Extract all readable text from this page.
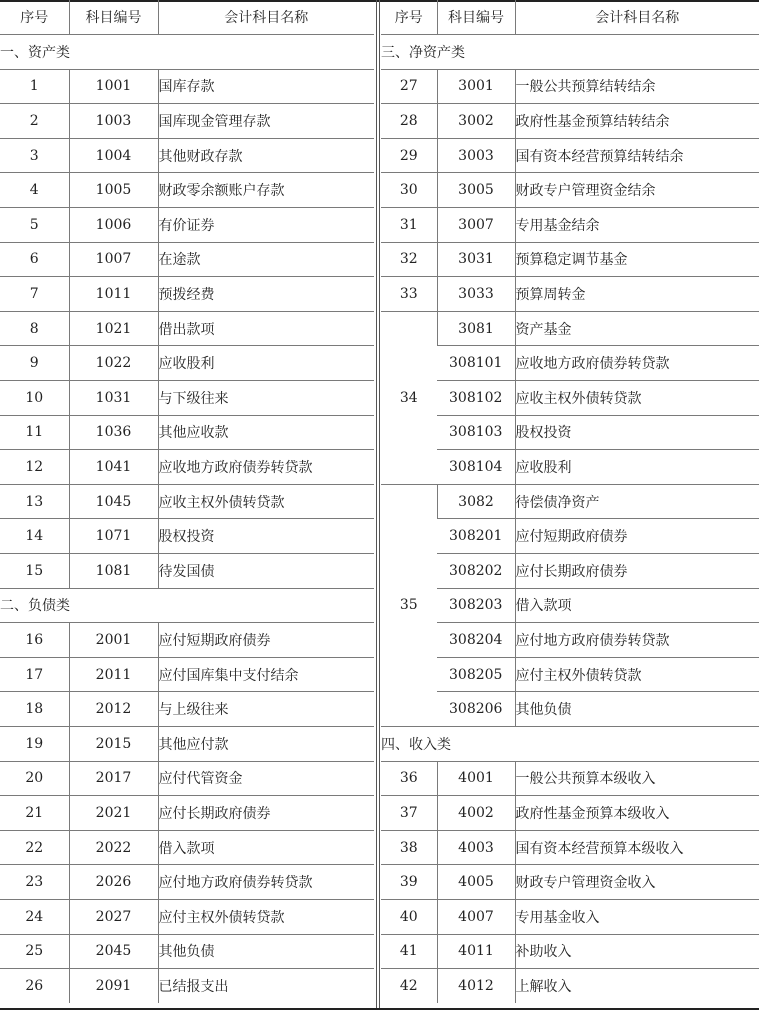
序号	科目编号	会计科目名称
一、资产类		
1	1001	国库存款
2	1003	国库现金管理存款
3	1004	其他财政存款
4	1005	财政零余额账户存款
5	1006	有价证券
6	1007	在途款
7	1011	预拨经费
8	1021	借出款项
9	1022	应收股利
10	1031	与下级往来
11	1036	其他应收款
12	1041	应收地方政府债券转贷款
13	1045	应收主权外债转贷款
14	1071	股权投资
15	1081	待发国债
二、负债类		
16	2001	应付短期政府债券
17	2011	应付国库集中支付结余
18	2012	与上级往来
19	2015	其他应付款
20	2017	应付代管资金
21	2021	应付长期政府债券
22	2022	借入款项
23	2026	应付地方政府债券转贷款
24	2027	应付主权外债转贷款
25	2045	其他负债
26	2091	已结报支出
序号	科目编号	会计科目名称
三、净资产类		
27	3001	一般公共预算结转结余
28	3002	政府性基金预算结转结余
29	3003	国有资本经营预算结转结余
30	3005	财政专户管理资金结余
31	3007	专用基金结余
32	3031	预算稳定调节基金
33	3033	预算周转金
34	3081	资产基金
	308101	应收地方政府债券转贷款
	308102	应收主权外债转贷款
	308103	股权投资
	308104	应收股利
35	3082	待偿债净资产
	308201	应付短期政府债券
	308202	应付长期政府债券
	308203	借入款项
	308204	应付地方政府债券转贷款
	308205	应付主权外债转贷款
	308206	其他负债
四、收入类		
36	4001	一般公共预算本级收入
37	4002	政府性基金预算本级收入
38	4003	国有资本经营预算本级收入
39	4005	财政专户管理资金收入
40	4007	专用基金收入
41	4011	补助收入
42	4012	上解收入
